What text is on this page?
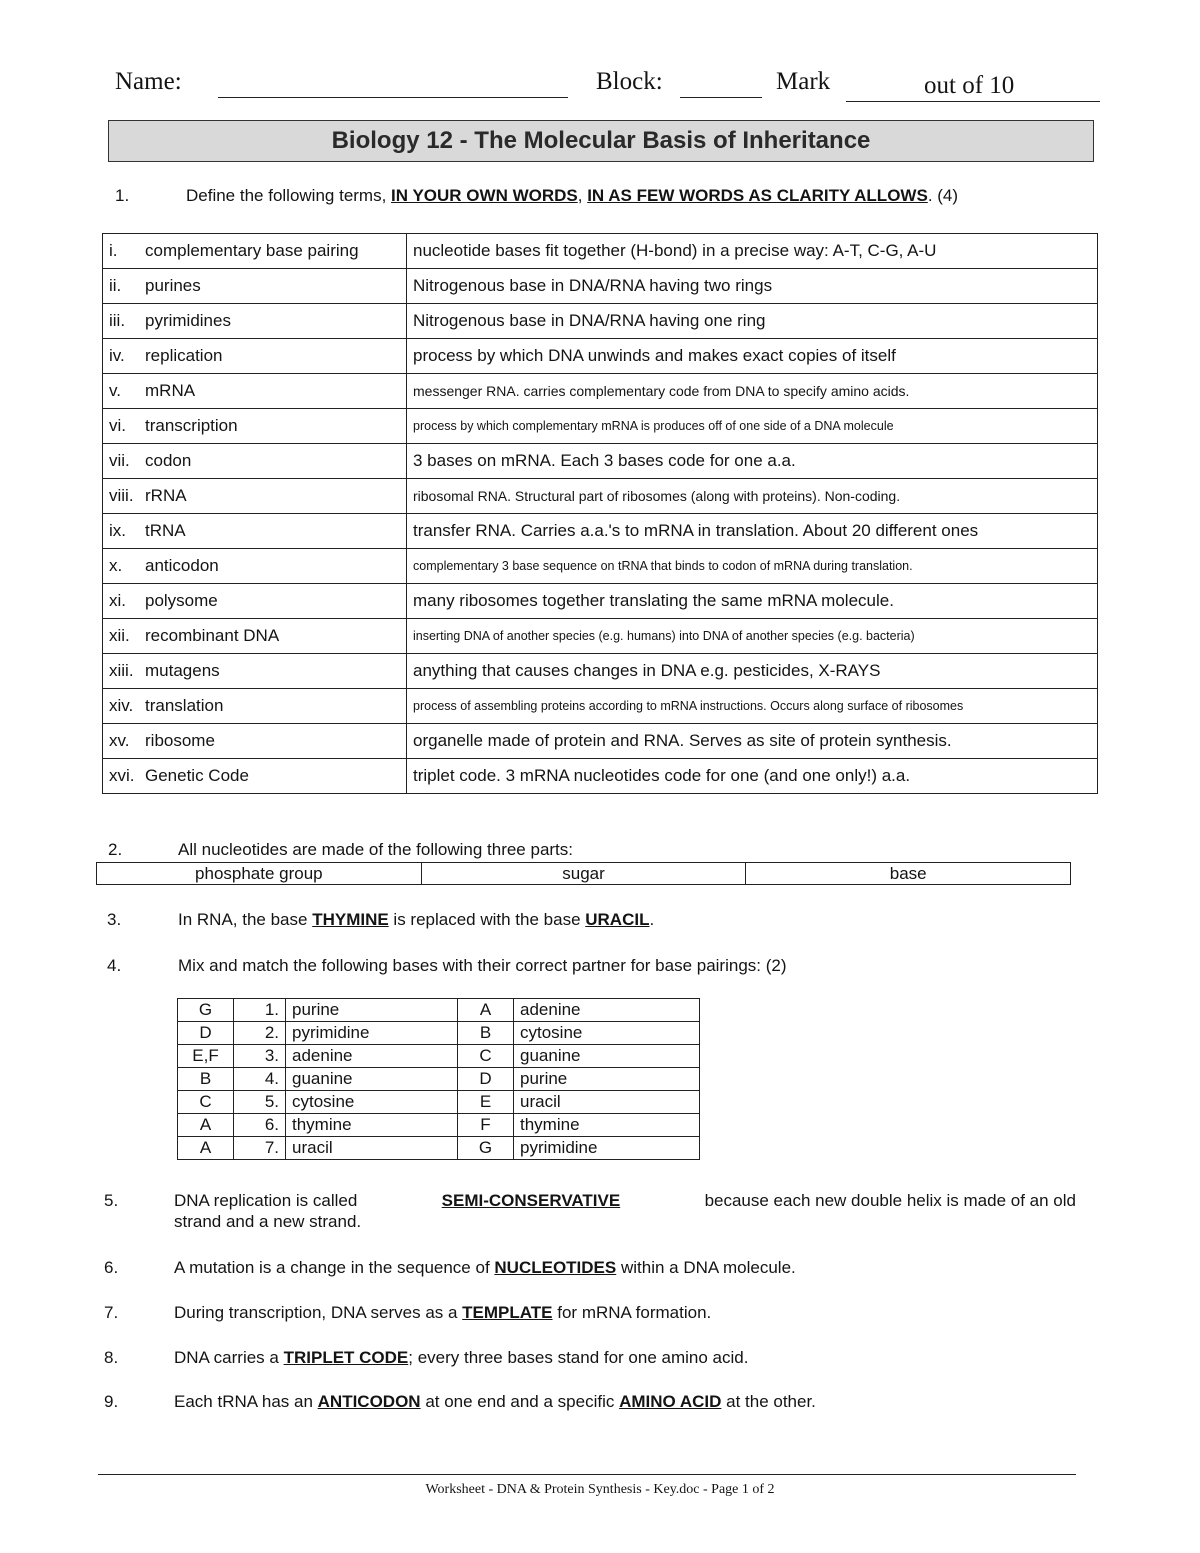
Name:	Block:	Mark	out of 10
Biology 12 - The Molecular Basis of Inheritance
1.	Define the following terms, IN YOUR OWN WORDS, IN AS FEW WORDS AS CLARITY ALLOWS. (4)
i. complementary base pairing	nucleotide bases fit together (H-bond) in a precise way: A-T, C-G, A-U
ii. purines	Nitrogenous base in DNA/RNA having two rings
iii. pyrimidines	Nitrogenous base in DNA/RNA having one ring
iv. replication	process by which DNA unwinds and makes exact copies of itself
v. mRNA	messenger RNA. carries complementary code from DNA to specify amino acids.
vi. transcription	process by which complementary mRNA is produces off of one side of a DNA molecule
vii. codon	3 bases on mRNA. Each 3 bases code for one a.a.
viii. rRNA	ribosomal RNA. Structural part of ribosomes (along with proteins). Non-coding.
ix. tRNA	transfer RNA. Carries a.a.'s to mRNA in translation. About 20 different ones
x. anticodon	complementary 3 base sequence on tRNA that binds to codon of mRNA during translation.
xi. polysome	many ribosomes together translating the same mRNA molecule.
xii. recombinant DNA	inserting DNA of another species (e.g. humans) into DNA of another species (e.g. bacteria)
xiii. mutagens	anything that causes changes in DNA e.g. pesticides, X-RAYS
xiv. translation	process of assembling proteins according to mRNA instructions. Occurs along surface of ribosomes
xv. ribosome	organelle made of protein and RNA. Serves as site of protein synthesis.
xvi. Genetic Code	triplet code. 3 mRNA nucleotides code for one (and one only!) a.a.
2.	All nucleotides are made of the following three parts:
phosphate group	sugar	base
3.	In RNA, the base THYMINE is replaced with the base URACIL.
4.	Mix and match the following bases with their correct partner for base pairings: (2)
G	1.	purine	A	adenine
D	2.	pyrimidine	B	cytosine
E,F	3.	adenine	C	guanine
B	4.	guanine	D	purine
C	5.	cytosine	E	uracil
A	6.	thymine	F	thymine
A	7.	uracil	G	pyrimidine
5.	DNA replication is called	SEMI-CONSERVATIVE	because each new double helix is made of an old
strand and a new strand.
6.	A mutation is a change in the sequence of NUCLEOTIDES within a DNA molecule.
7.	During transcription, DNA serves as a TEMPLATE for mRNA formation.
8.	DNA carries a TRIPLET CODE; every three bases stand for one amino acid.
9.	Each tRNA has an ANTICODON at one end and a specific AMINO ACID at the other.
Worksheet - DNA & Protein Synthesis - Key.doc - Page 1 of 2
